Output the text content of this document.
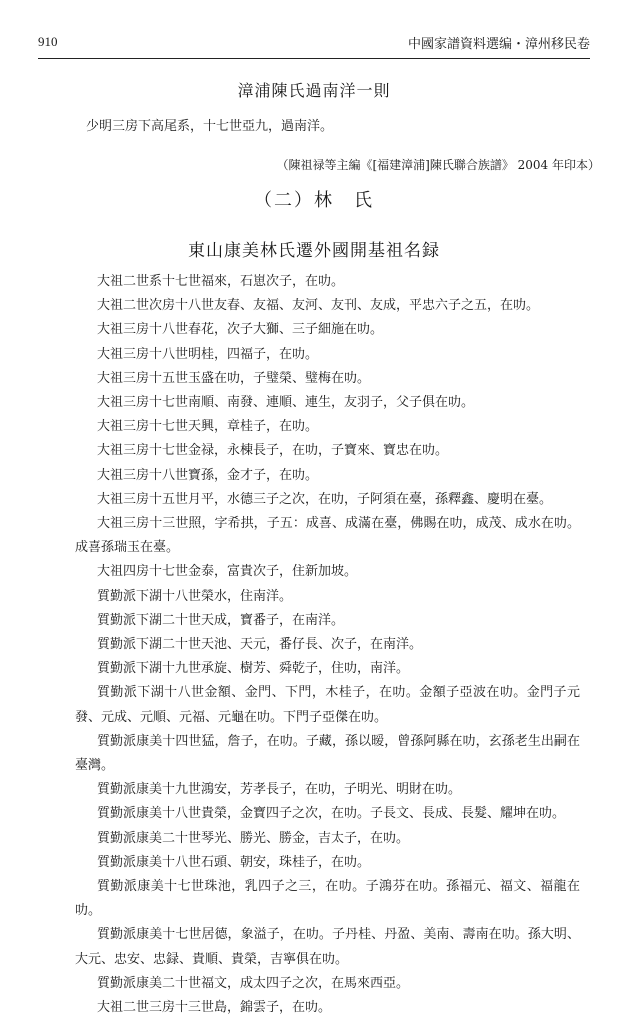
910	中國家譜資料選编・漳州移民卷
漳浦陳氏過南洋一則
少明三房下高尾系，十七世亞九，過南洋。
（陳祖禄等主編《[福建漳浦]陳氏聯合族譜》 2004 年印本）
（二）林　氏
東山康美林氏遷外國開基祖名録

大祖二世系十七世福來，石崽次子，在叻。

大祖二世次房十八世友春、友福、友河、友刊、友成，平忠六子之五，在叻。

大祖三房十八世春花，次子大獅、三子細施在叻。

大祖三房十八世明桂，四福子，在叻。

大祖三房十五世玉盛在叻，子璧榮、璧梅在叻。

大祖三房十七世南順、南發、連順、連生，友羽子，父子俱在叻。

大祖三房十七世天興，章桂子，在叻。

大祖三房十七世金禄，永棟長子，在叻，子寶來、寶忠在叻。

大祖三房十八世寶孫，金才子，在叻。

大祖三房十五世月平，水德三子之次，在叻，子阿須在臺，孫釋鑫、慶明在臺。

大祖三房十三世照，字希拱，子五：成喜、成滿在臺，佛賜在叻，成茂、成水在叻。成喜孫瑞玉在臺。

大祖四房十七世金泰，富貴次子，住新加坡。

質勤派下湖十八世榮水，住南洋。

質勤派下湖二十世天成，寶番子，在南洋。

質勤派下湖二十世天池、天元，番仔長、次子，在南洋。

質勤派下湖十九世承旋、樹芳、舜乾子，住叻，南洋。

質勤派下湖十八世金額、金門、下門，木桂子，在叻。金額子亞波在叻。金門子元發、元成、元順、元福、元龜在叻。下門子亞傑在叻。

質勤派康美十四世猛，詹子，在叻。子藏，孫以暧，曾孫阿縣在叻，玄孫老生出嗣在臺灣。

質勤派康美十九世鴻安，芳孝長子，在叻，子明光、明財在叻。

質勤派康美十八世貴榮，金寶四子之次，在叻。子長文、長成、長髮、耀坤在叻。

質勤派康美二十世琴光、勝光、勝金，吉太子，在叻。

質勤派康美十八世石頭、朝安，珠桂子，在叻。

質勤派康美十七世珠池，乳四子之三，在叻。子鴻芬在叻。孫福元、福文、福龍在叻。

質勤派康美十七世居德，象溢子，在叻。子丹桂、丹盈、美南、壽南在叻。孫大明、大元、忠安、忠録、貴順、貴榮，吉寧俱在叻。

質勤派康美二十世福文，成太四子之次，在馬來西亞。

大祖二世三房十三世島，錦雲子，在叻。
